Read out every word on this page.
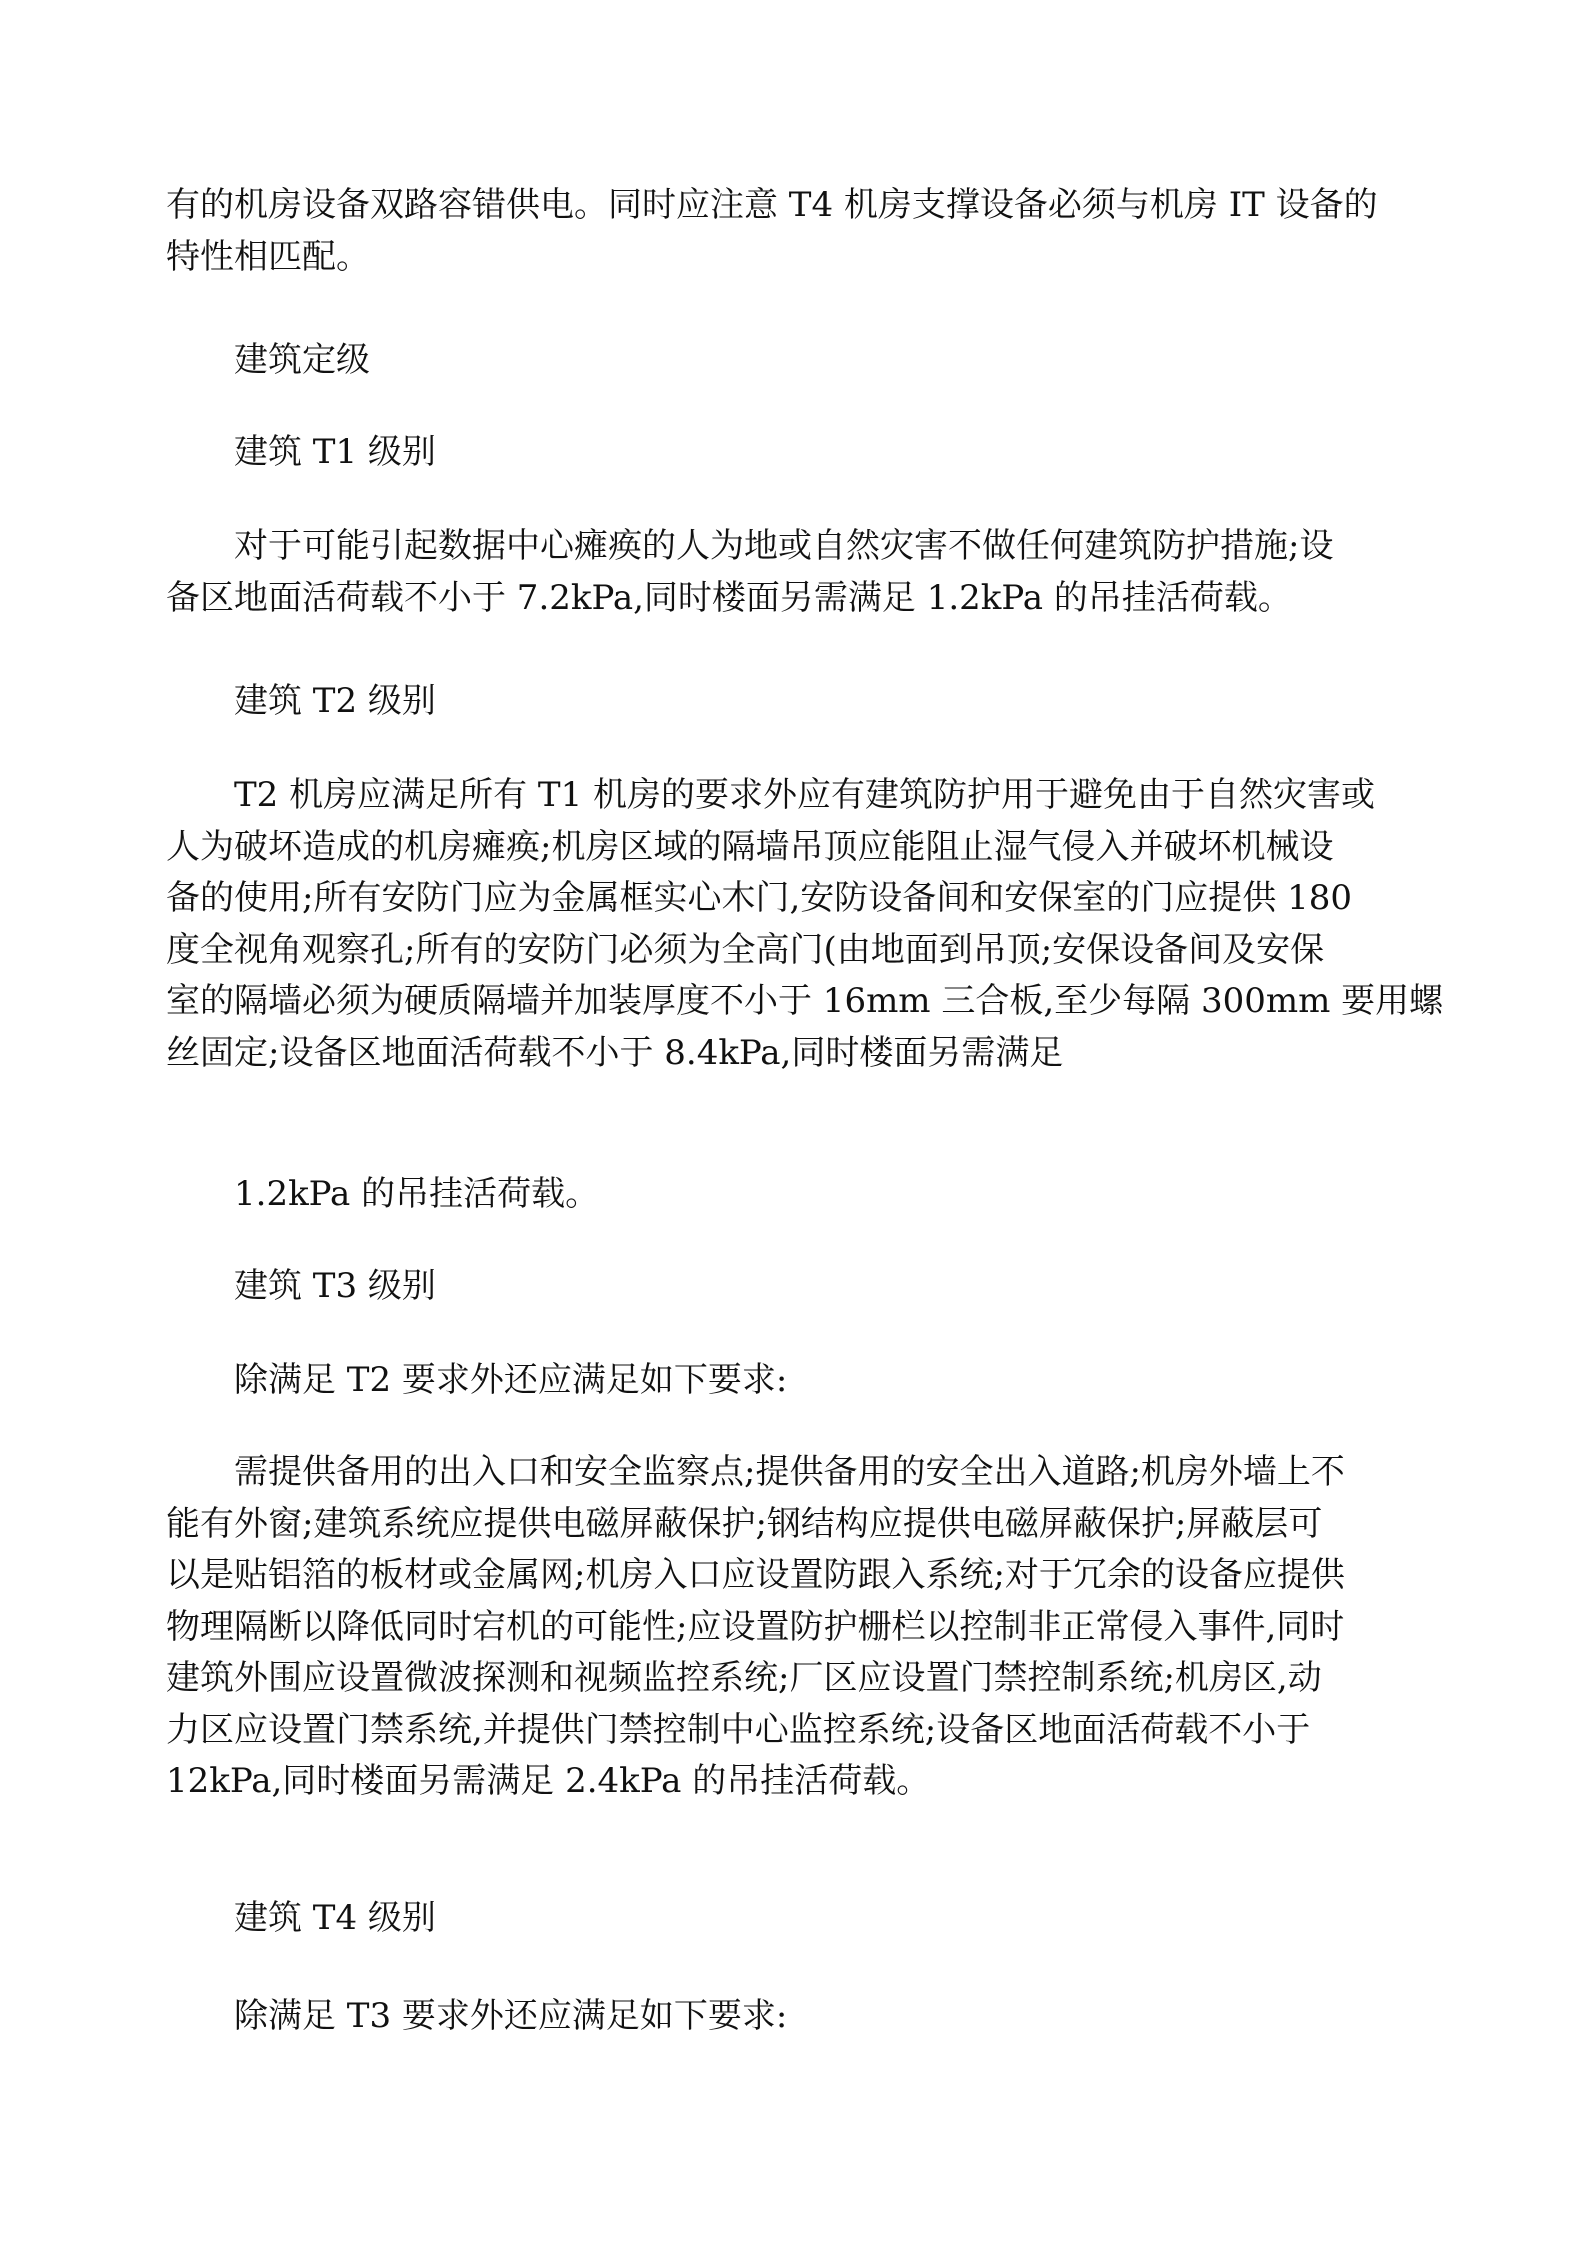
有的机房设备双路容错供电。同时应注意 T4 机房支撑设备必须与机房 IT 设备的
特性相匹配。
建筑定级
建筑 T1 级别
对于可能引起数据中心瘫痪的人为地或自然灾害不做任何建筑防护措施;设
备区地面活荷载不小于 7.2kPa,同时楼面另需满足 1.2kPa 的吊挂活荷载。
建筑 T2 级别
T2 机房应满足所有 T1 机房的要求外应有建筑防护用于避免由于自然灾害或
人为破坏造成的机房瘫痪;机房区域的隔墙吊顶应能阻止湿气侵入并破坏机械设
备的使用;所有安防门应为金属框实心木门,安防设备间和安保室的门应提供 180
度全视角观察孔;所有的安防门必须为全高门(由地面到吊顶;安保设备间及安保
室的隔墙必须为硬质隔墙并加装厚度不小于 16mm 三合板,至少每隔 300mm 要用螺
丝固定;设备区地面活荷载不小于 8.4kPa,同时楼面另需满足
1.2kPa 的吊挂活荷载。
建筑 T3 级别
除满足 T2 要求外还应满足如下要求:
需提供备用的出入口和安全监察点;提供备用的安全出入道路;机房外墙上不
能有外窗;建筑系统应提供电磁屏蔽保护;钢结构应提供电磁屏蔽保护;屏蔽层可
以是贴铝箔的板材或金属网;机房入口应设置防跟入系统;对于冗余的设备应提供
物理隔断以降低同时宕机的可能性;应设置防护栅栏以控制非正常侵入事件,同时
建筑外围应设置微波探测和视频监控系统;厂区应设置门禁控制系统;机房区,动
力区应设置门禁系统,并提供门禁控制中心监控系统;设备区地面活荷载不小于
12kPa,同时楼面另需满足 2.4kPa 的吊挂活荷载。
建筑 T4 级别
除满足 T3 要求外还应满足如下要求:
